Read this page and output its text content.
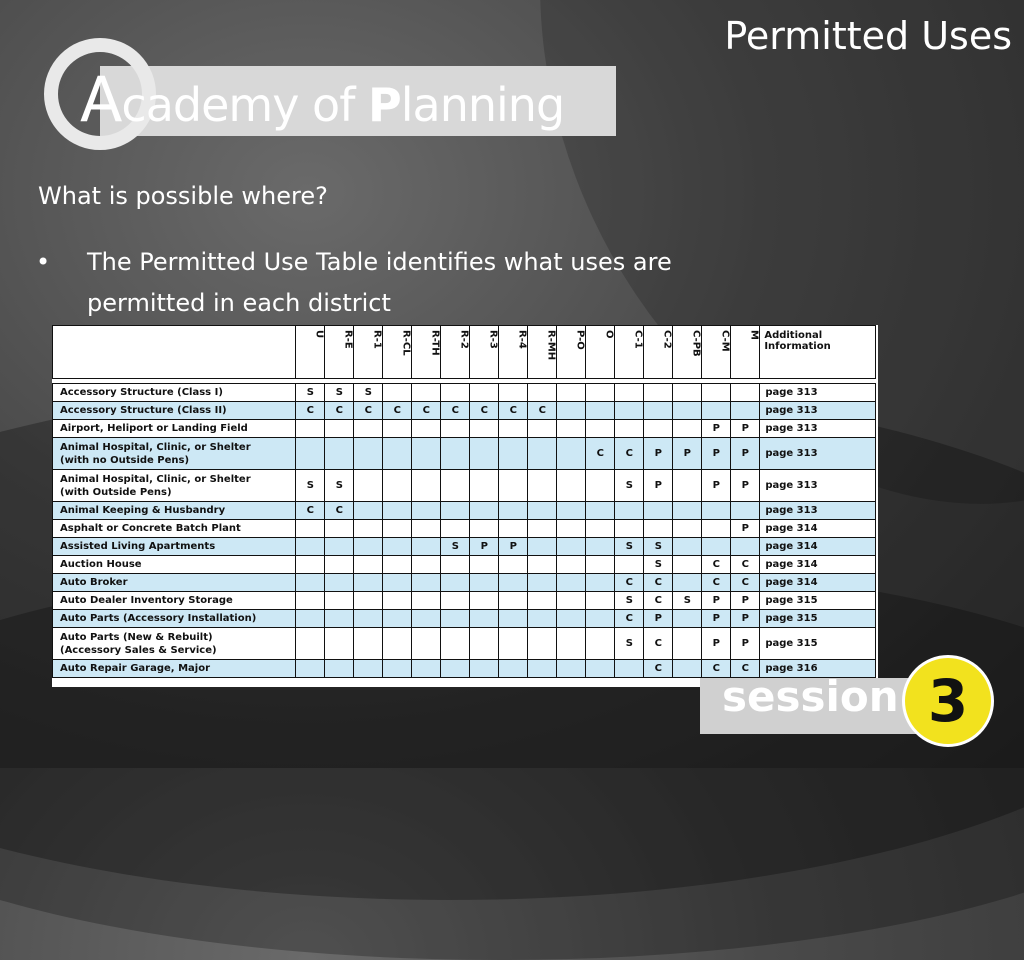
Permitted Uses
Academy of Planning
What is possible where?
• The Permitted Use Table identifies what uses are permitted in each district
	U	R-E	R-1	R-CL	R-TH	R-2	R-3	R-4	R-MH	P-O	O	C-1	C-2	C-PB	C-M	M	Additional Information

Accessory Structure (Class I)	S	S	S														page 313
Accessory Structure (Class II)	C	C	C	C	C	C	C	C	C								page 313
Airport, Heliport or Landing Field															P	P	page 313
Animal Hospital, Clinic, or Shelter
(with no Outside Pens)											C	C	P	P	P	P	page 313
Animal Hospital, Clinic, or Shelter
(with Outside Pens)	S	S										S	P		P	P	page 313
Animal Keeping & Husbandry	C	C															page 313
Asphalt or Concrete Batch Plant																P	page 314
Assisted Living Apartments						S	P	P				S	S				page 314
Auction House													S		C	C	page 314
Auto Broker												C	C		C	C	page 314
Auto Dealer Inventory Storage												S	C	S	P	P	page 315
Auto Parts (Accessory Installation)												C	P		P	P	page 315
Auto Parts (New & Rebuilt)
(Accessory Sales & Service)												S	C		P	P	page 315
Auto Repair Garage, Major													C		C	C	page 316
session 3
